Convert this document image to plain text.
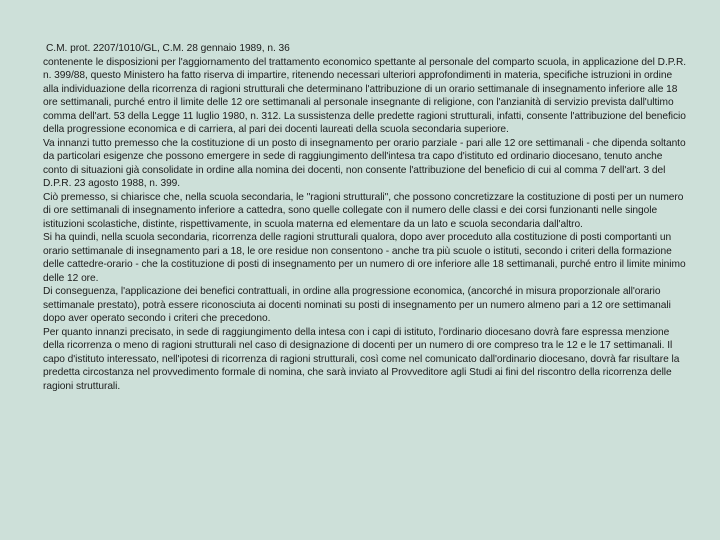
C.M. prot. 2207/1010/GL, C.M. 28 gennaio 1989, n. 36

contenente le disposizioni per l'aggiornamento del trattamento economico spettante al personale del comparto scuola, in applicazione del D.P.R. n. 399/88, questo Ministero ha fatto riserva di impartire, ritenendo necessari ulteriori approfondimenti in materia, specifiche istruzioni in ordine alla individuazione della ricorrenza di ragioni strutturali che determinano l'attribuzione di un orario settimanale di insegnamento inferiore alle 18 ore settimanali, purché entro il limite delle 12 ore settimanali al personale insegnante di religione, con l'anzianità di servizio prevista dall'ultimo comma dell'art. 53 della Legge 11 luglio 1980, n. 312. La sussistenza delle predette ragioni strutturali, infatti, consente l'attribuzione del beneficio della progressione economica e di carriera, al pari dei docenti laureati della scuola secondaria superiore.

Va innanzi tutto premesso che la costituzione di un posto di insegnamento per orario parziale - pari alle 12 ore settimanali - che dipenda soltanto da particolari esigenze che possono emergere in sede di raggiungimento dell'intesa tra capo d'istituto ed ordinario diocesano, tenuto anche conto di situazioni già consolidate in ordine alla nomina dei docenti, non consente l'attribuzione del beneficio di cui al comma 7 dell'art. 3 del D.P.R. 23 agosto 1988, n. 399.

Ciò premesso, si chiarisce che, nella scuola secondaria, le "ragioni strutturali", che possono concretizzare la costituzione di posti per un numero di ore settimanali di insegnamento inferiore a cattedra, sono quelle collegate con il numero delle classi e dei corsi funzionanti nelle singole istituzioni scolastiche, distinte, rispettivamente, in scuola materna ed elementare da un lato e scuola secondaria dall'altro.

Si ha quindi, nella scuola secondaria, ricorrenza delle ragioni strutturali qualora, dopo aver proceduto alla costituzione di posti comportanti un orario settimanale di insegnamento pari a 18, le ore residue non consentono - anche tra più scuole o istituti, secondo i criteri della formazione delle cattedre-orario - che la costituzione di posti di insegnamento per un numero di ore inferiore alle 18 settimanali, purché entro il limite minimo delle 12 ore.

Di conseguenza, l'applicazione dei benefici contrattuali, in ordine alla progressione economica, (ancorché in misura proporzionale all'orario settimanale prestato), potrà essere riconosciuta ai docenti nominati su posti di insegnamento per un numero almeno pari a 12 ore settimanali dopo aver operato secondo i criteri che precedono.

Per quanto innanzi precisato, in sede di raggiungimento della intesa con i capi di istituto, l'ordinario diocesano dovrà fare espressa menzione della ricorrenza o meno di ragioni strutturali nel caso di designazione di docenti per un numero di ore compreso tra le 12 e le 17 settimanali. Il capo d'istituto interessato, nell'ipotesi di ricorrenza di ragioni strutturali, così come nel comunicato dall'ordinario diocesano, dovrà far risultare la predetta circostanza nel provvedimento formale di nomina, che sarà inviato al Provveditore agli Studi ai fini del riscontro della ricorrenza delle ragioni strutturali.
